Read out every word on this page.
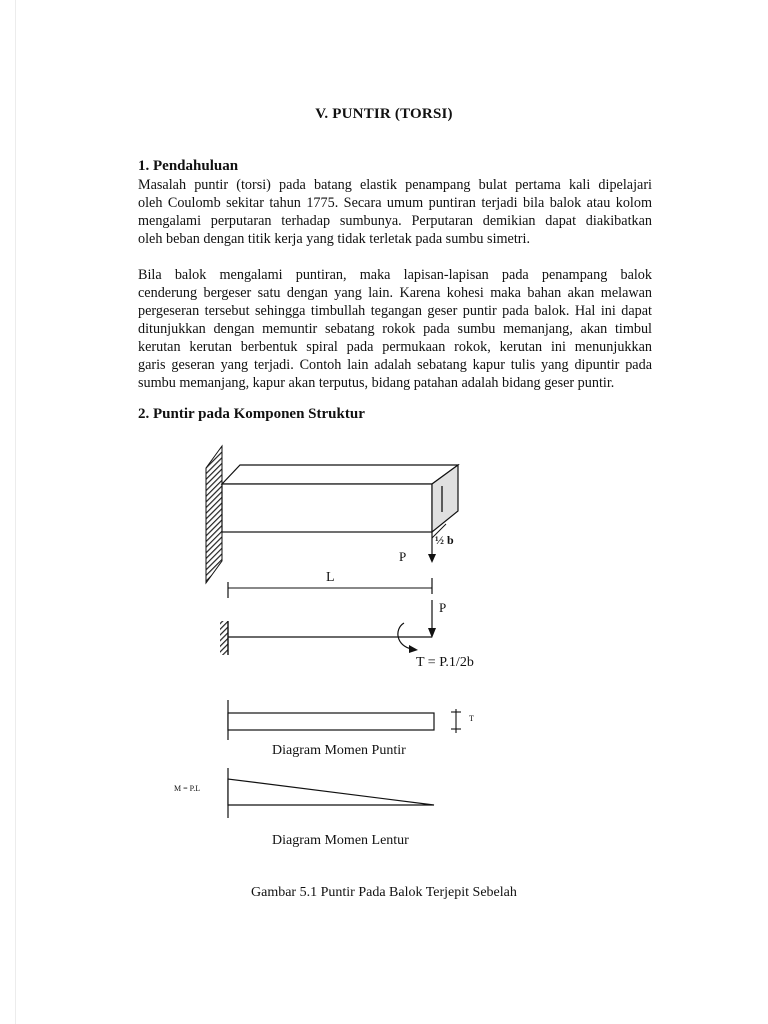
V. PUNTIR (TORSI)
1. Pendahuluan
Masalah puntir (torsi) pada batang elastik penampang bulat pertama kali dipelajari
oleh Coulomb sekitar tahun 1775. Secara umum puntiran terjadi bila balok atau kolom
mengalami perputaran terhadap sumbunya. Perputaran demikian dapat diakibatkan
oleh beban dengan titik kerja yang tidak terletak pada sumbu simetri.
Bila balok mengalami puntiran, maka lapisan-lapisan pada penampang balok
cenderung bergeser satu dengan yang lain. Karena kohesi maka bahan akan melawan
pergeseran tersebut sehingga timbullah tegangan geser puntir pada balok. Hal ini dapat
ditunjukkan dengan memuntir sebatang rokok pada sumbu memanjang, akan timbul
kerutan kerutan berbentuk spiral pada permukaan rokok, kerutan ini menunjukkan
garis geseran yang terjadi. Contoh lain adalah sebatang kapur tulis yang dipuntir pada
sumbu memanjang, kapur akan terputus, bidang patahan adalah bidang geser puntir.
2. Puntir pada Komponen Struktur
½ b
P
L
P
T = P.1/2b
T
Diagram Momen Puntir
M = P.L
Diagram Momen Lentur
Gambar 5.1 Puntir Pada Balok Terjepit Sebelah
